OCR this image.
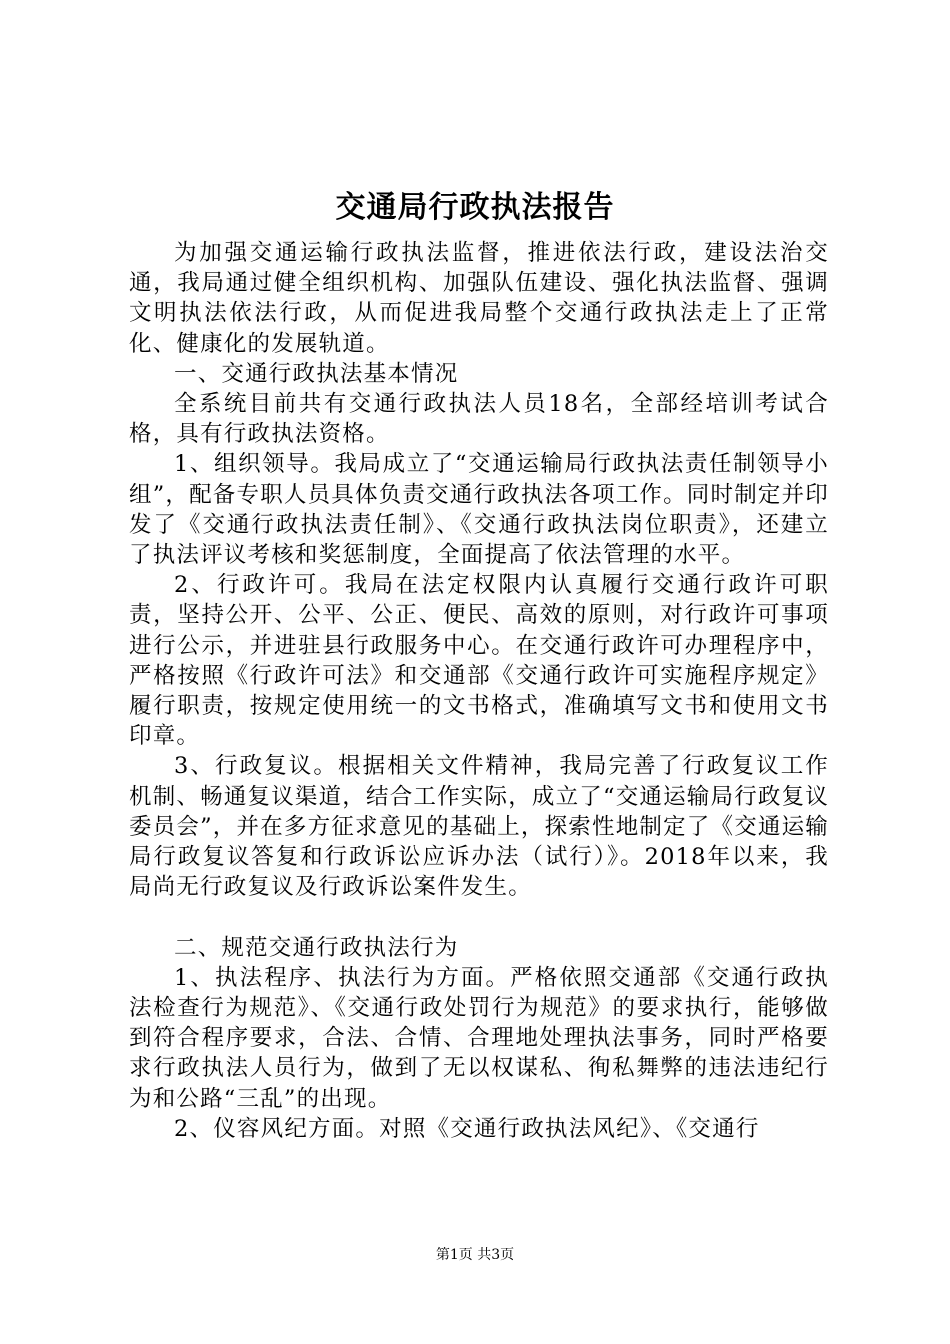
交通局行政执法报告

为加强交通运输行政执法监督，推进依法行政，建设法治交通，我局通过健全组织机构、加强队伍建设、强化执法监督、强调文明执法依法行政，从而促进我局整个交通行政执法走上了正常化、健康化的发展轨道。

一、交通行政执法基本情况

全系统目前共有交通行政执法人员18名，全部经培训考试合格，具有行政执法资格。

1、组织领导。我局成立了“交通运输局行政执法责任制领导小组”，配备专职人员具体负责交通行政执法各项工作。同时制定并印发了《交通行政执法责任制》、《交通行政执法岗位职责》，还建立了执法评议考核和奖惩制度，全面提高了依法管理的水平。

2、行政许可。我局在法定权限内认真履行交通行政许可职责，坚持公开、公平、公正、便民、高效的原则，对行政许可事项进行公示，并进驻县行政服务中心。在交通行政许可办理程序中，严格按照《行政许可法》和交通部《交通行政许可实施程序规定》履行职责，按规定使用统一的文书格式，准确填写文书和使用文书印章。

3、行政复议。根据相关文件精神，我局完善了行政复议工作机制、畅通复议渠道，结合工作实际，成立了“交通运输局行政复议委员会”，并在多方征求意见的基础上，探索性地制定了《交通运输局行政复议答复和行政诉讼应诉办法（试行）》。2018年以来，我局尚无行政复议及行政诉讼案件发生。

二、规范交通行政执法行为

1、执法程序、执法行为方面。严格依照交通部《交通行政执法检查行为规范》、《交通行政处罚行为规范》的要求执行，能够做到符合程序要求，合法、合情、合理地处理执法事务，同时严格要求行政执法人员行为，做到了无以权谋私、徇私舞弊的违法违纪行为和公路“三乱”的出现。

2、仪容风纪方面。对照《交通行政执法风纪》、《交通行

第1页 共3页
